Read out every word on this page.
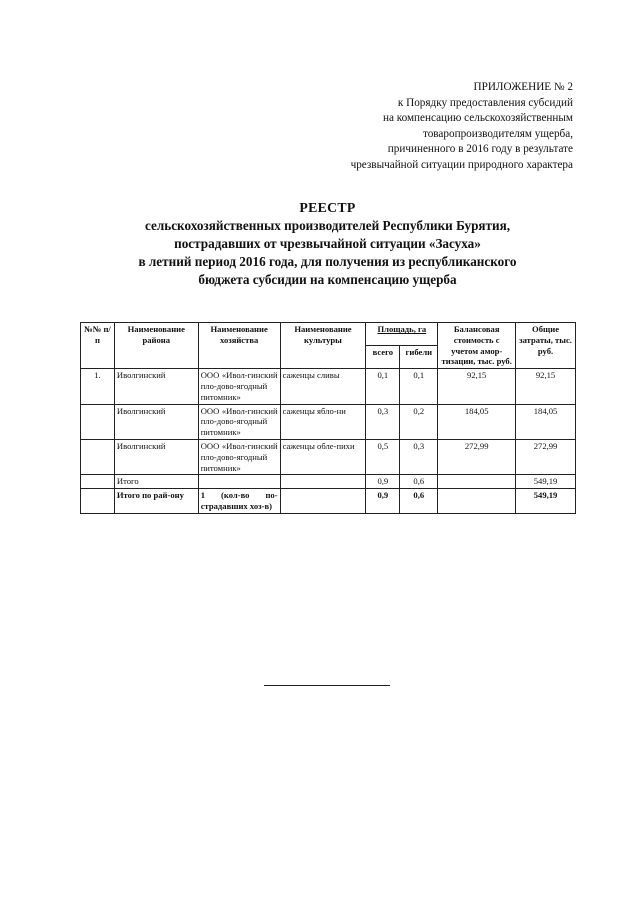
ПРИЛОЖЕНИЕ № 2
к Порядку предоставления субсидий
на компенсацию сельскохозяйственным
товаропроизводителям ущерба,
причиненного в 2016 году в результате
чрезвычайной ситуации природного характера
РЕЕСТР
сельскохозяйственных производителей Республики Бурятия,
пострадавших от чрезвычайной ситуации «Засуха»
в летний период 2016 года, для получения из республиканского
бюджета субсидии на компенсацию ущерба
№№ п/п	Наименование района	Наименование хозяйства	Наименование культуры	Площадь, га		Балансовая стоимость с учетом амор-тизации, тыс. руб.	Общие затраты, тыс. руб.
				всего	гибели		
1.	Иволгинский	ООО «Ивол-гинский пло-дово-ягодный питомник»	саженцы сливы	0,1	0,1	92,15	92,15
	Иволгинский	ООО «Ивол-гинский пло-дово-ягодный питомник»	саженцы ябло-ни	0,3	0,2	184,05	184,05
	Иволгинский	ООО «Ивол-гинский пло-дово-ягодный питомник»	саженцы обле-пихи	0,5	0,3	272,99	272,99
	Итого			0,9	0,6		549,19
	Итого по рай-ону	1 (кол-во по-страдавших хоз-в)		0,9	0,6		549,19
